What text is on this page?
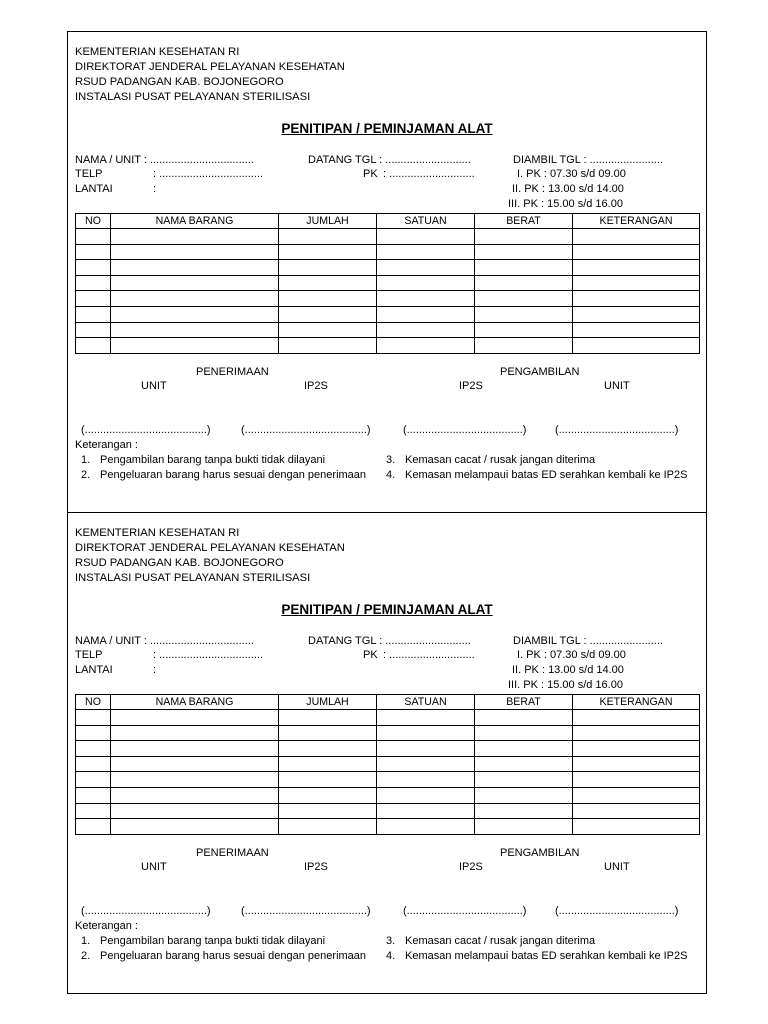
KEMENTERIAN KESEHATAN RI
DIREKTORAT JENDERAL PELAYANAN KESEHATAN
RSUD PADANGAN KAB. BOJONEGORO
INSTALASI PUSAT PELAYANAN STERILISASI
PENITIPAN / PEMINJAMAN ALAT
NAMA / UNIT : ..................................
TELP	: ..................................
LANTAI	:
DATANG TGL : ............................
PK : ............................
DIAMBIL TGL : ........................
I. PK : 07.30 s/d 09.00
II. PK : 13.00 s/d 14.00
III. PK : 15.00 s/d 16.00
NO	NAMA BARANG	JUMLAH	SATUAN	BERAT	KETERANGAN

PENERIMAAN	PENGAMBILAN
UNIT	IP2S	IP2S	UNIT
(........................................)	(........................................)	(......................................)	(......................................)
Keterangan :
1. Pengambilan barang tanpa bukti tidak dilayani
2. Pengeluaran barang harus sesuai dengan penerimaan
3. Kemasan cacat / rusak jangan diterima
4. Kemasan melampaui batas ED serahkan kembali ke IP2S
KEMENTERIAN KESEHATAN RI
DIREKTORAT JENDERAL PELAYANAN KESEHATAN
RSUD PADANGAN KAB. BOJONEGORO
INSTALASI PUSAT PELAYANAN STERILISASI
PENITIPAN / PEMINJAMAN ALAT
NAMA / UNIT : ..................................
TELP	: ..................................
LANTAI	:
DATANG TGL : ............................
PK : ............................
DIAMBIL TGL : ........................
I. PK : 07.30 s/d 09.00
II. PK : 13.00 s/d 14.00
III. PK : 15.00 s/d 16.00
NO	NAMA BARANG	JUMLAH	SATUAN	BERAT	KETERANGAN

PENERIMAAN	PENGAMBILAN
UNIT	IP2S	IP2S	UNIT
(........................................)	(........................................)	(......................................)	(......................................)
Keterangan :
1. Pengambilan barang tanpa bukti tidak dilayani
2. Pengeluaran barang harus sesuai dengan penerimaan
3. Kemasan cacat / rusak jangan diterima
4. Kemasan melampaui batas ED serahkan kembali ke IP2S
